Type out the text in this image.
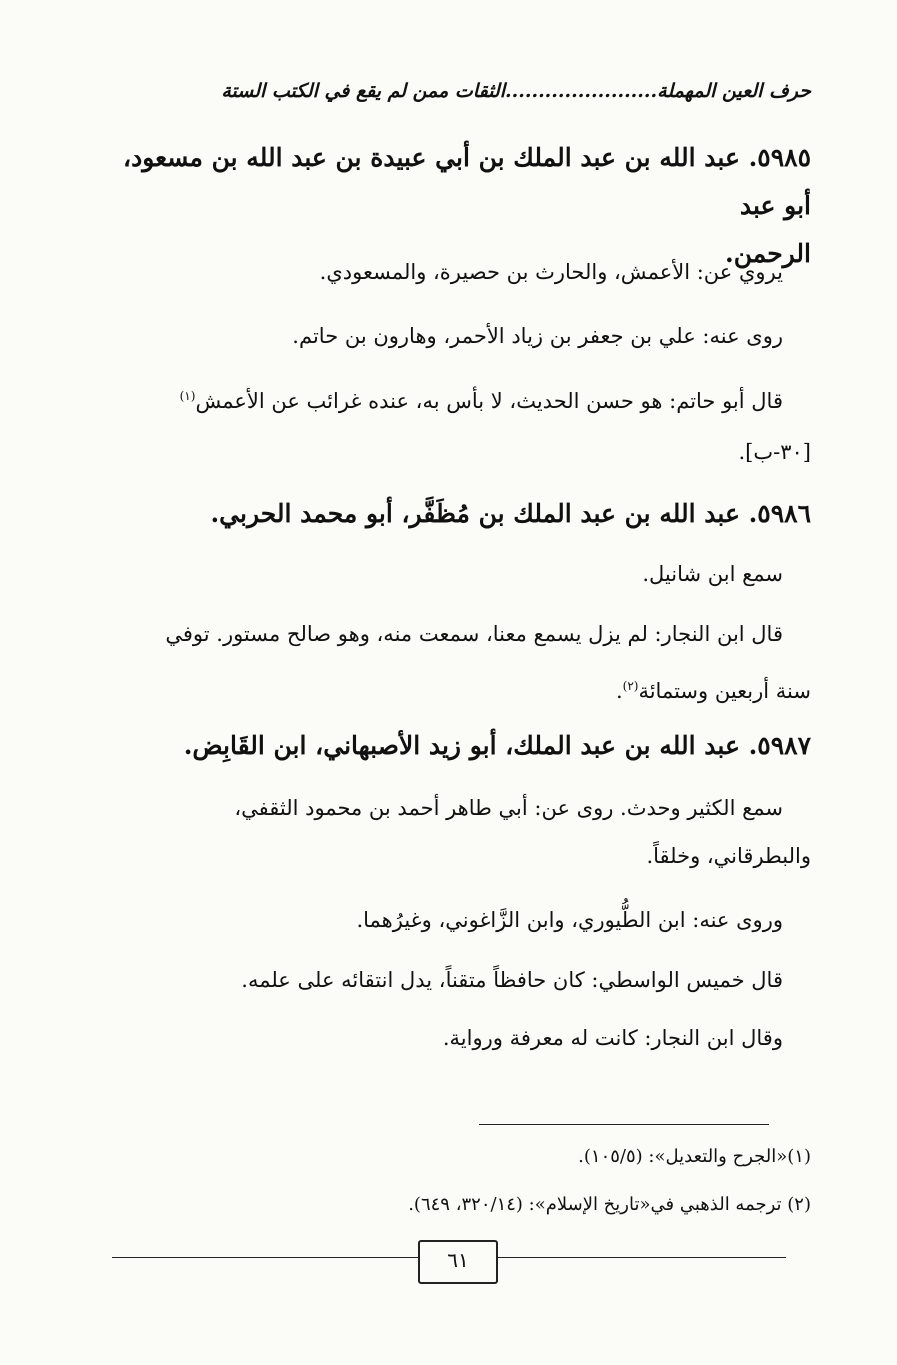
حرف العين المهملة.......................الثقات ممن لم يقع في الكتب الستة
٥٩٨٥. عبد الله بن عبد الملك بن أبي عبيدة بن عبد الله بن مسعود، أبو عبد
الرحمن.
يروي عن: الأعمش، والحارث بن حصيرة، والمسعودي.
روى عنه: علي بن جعفر بن زياد الأحمر، وهارون بن حاتم.
قال أبو حاتم: هو حسن الحديث، لا بأس به، عنده غرائب عن الأعمش$^{(١)}$
[٣٠-ب].
٥٩٨٦. عبد الله بن عبد الملك بن مُظَفَّر، أبو محمد الحربي.
سمع ابن شانيل.
قال ابن النجار: لم يزل يسمع معنا، سمعت منه، وهو صالح مستور. توفي
سنة أربعين وستمائة$^{(٢)}$.
٥٩٨٧. عبد الله بن عبد الملك، أبو زيد الأصبهاني، ابن القَابِض.
سمع الكثير وحدث. روى عن: أبي طاهر أحمد بن محمود الثقفي،
والبطرقاني، وخلقاً.
وروى عنه: ابن الطُّيوري، وابن الزَّاغوني، وغيرُهما.
قال خميس الواسطي: كان حافظاً متقناً، يدل انتقائه على علمه.
وقال ابن النجار: كانت له معرفة ورواية.
(١)«الجرح والتعديل»: (١٠٥/٥).
(٢) ترجمه الذهبي في«تاريخ الإسلام»: (٣٢٠/١٤، ٦٤٩).
٦١
